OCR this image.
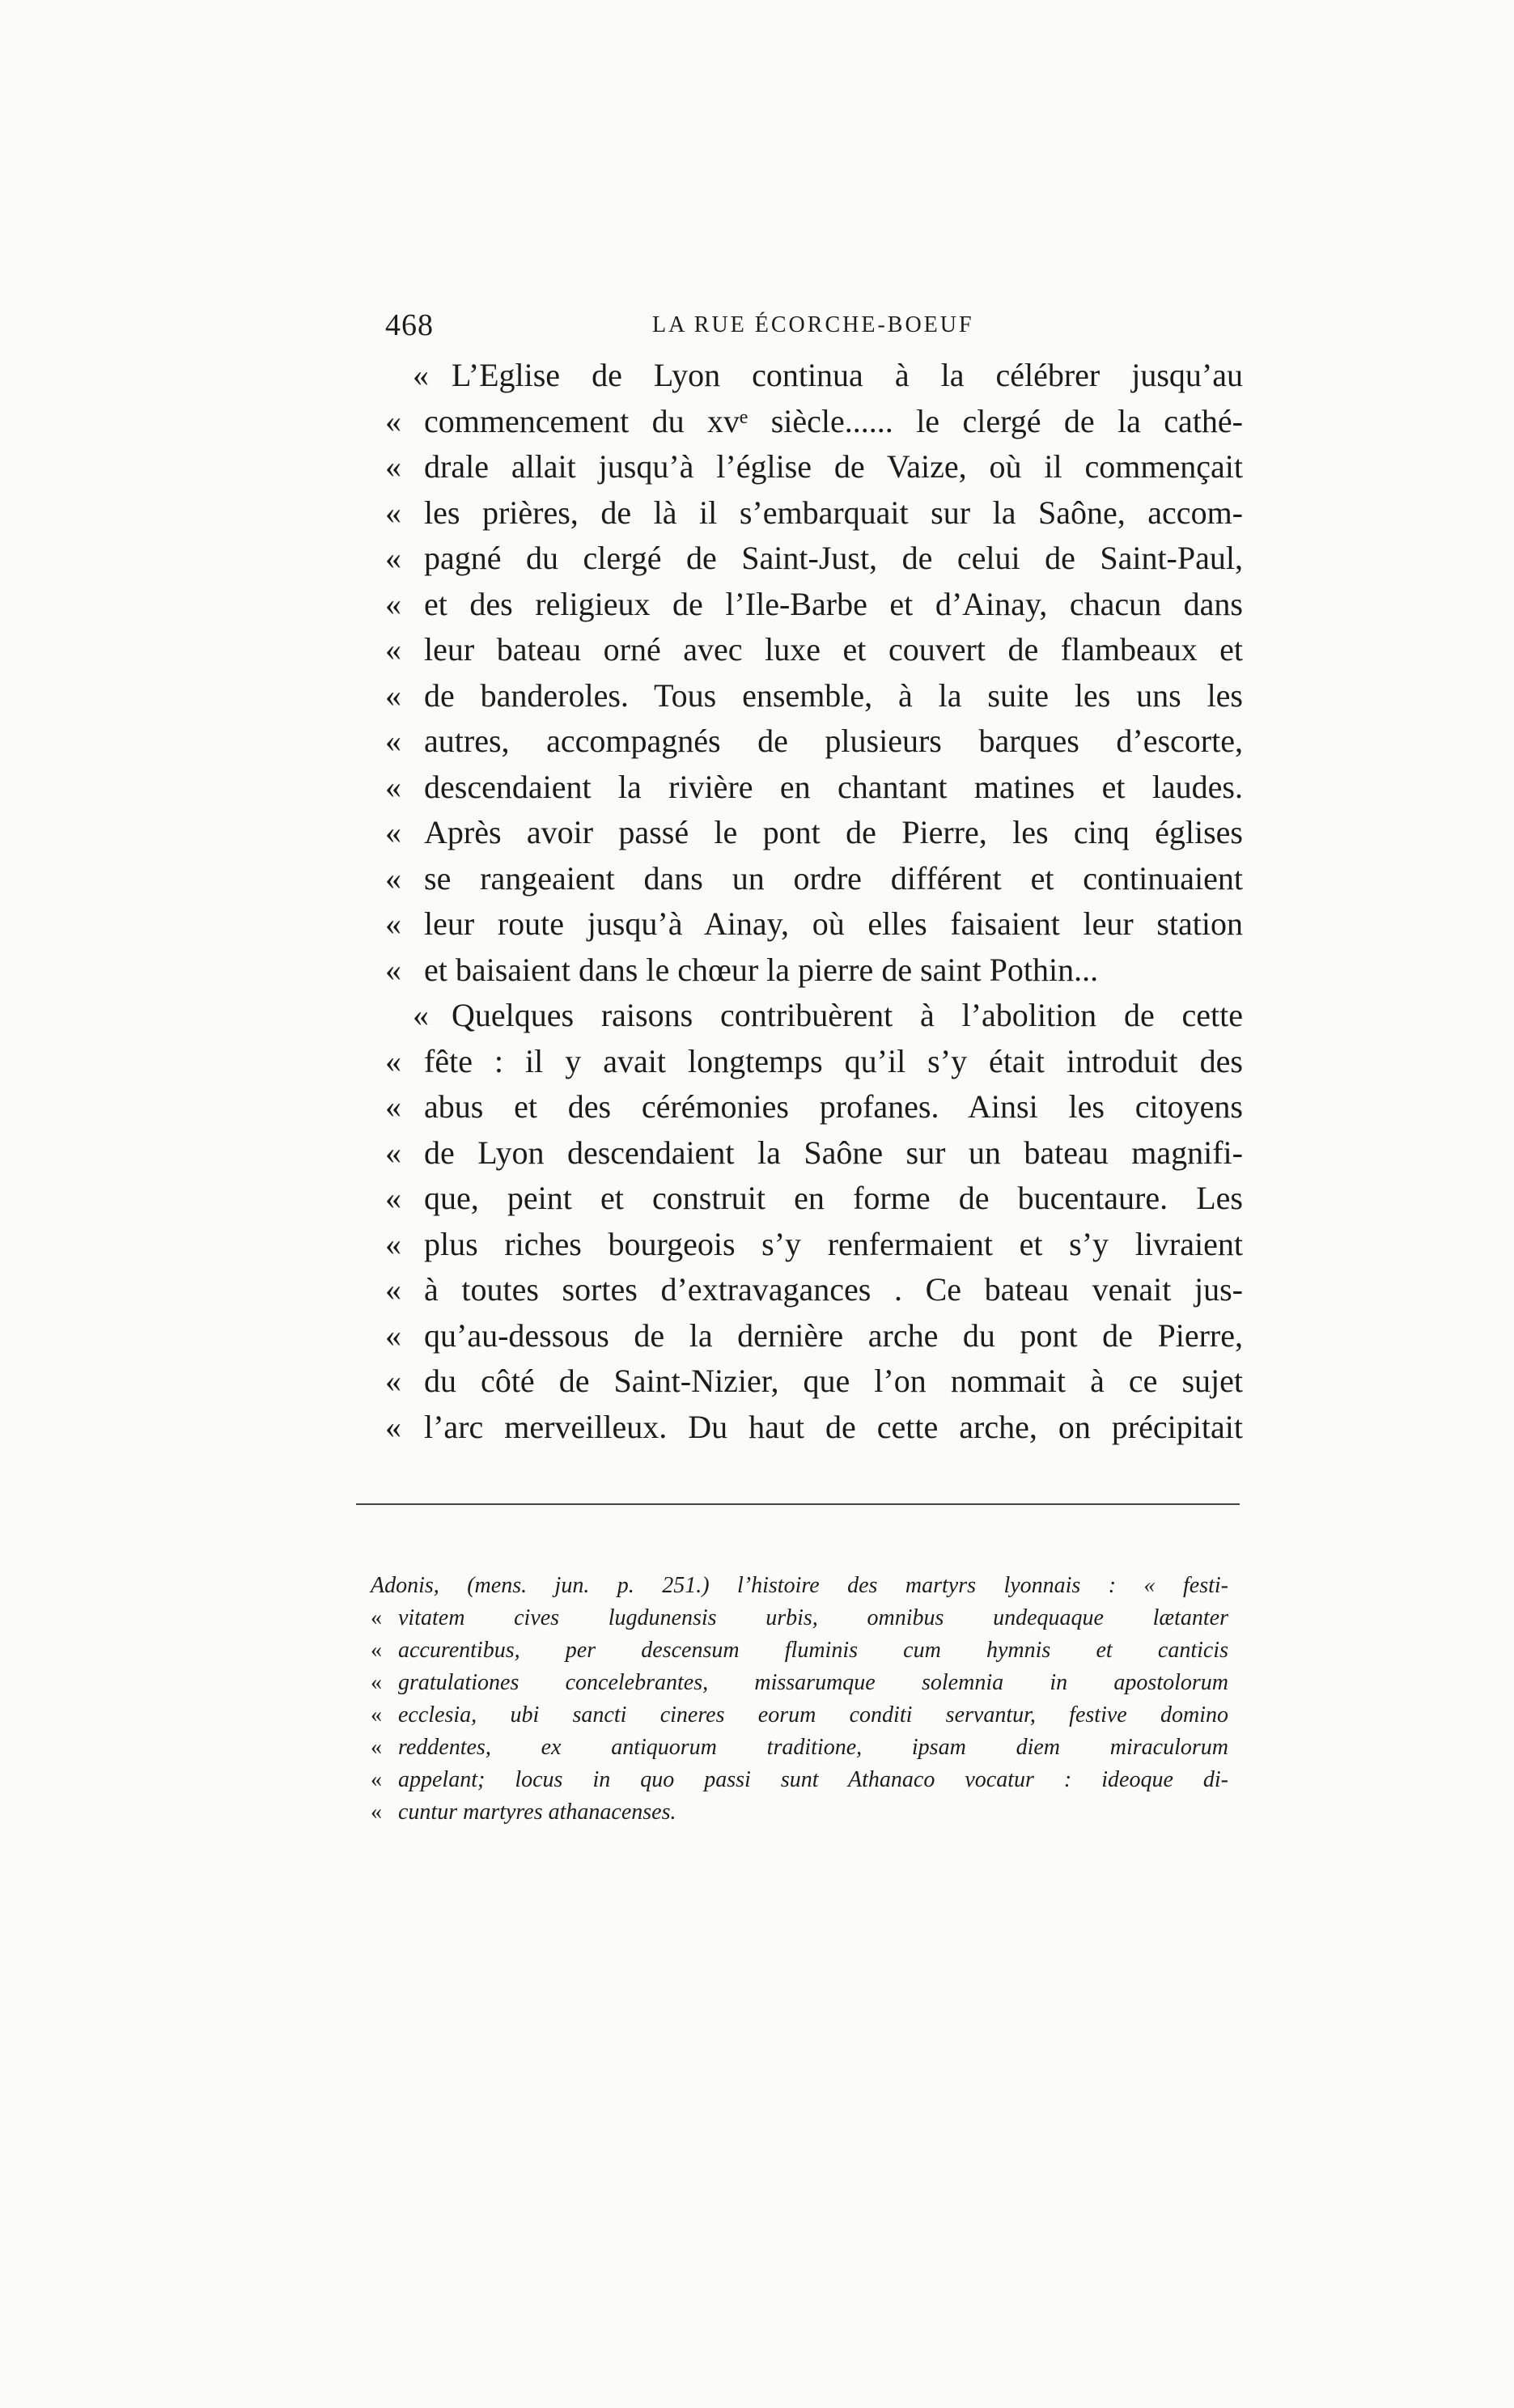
468	LA RUE ÉCORCHE-BOEUF
« L’Eglise de Lyon continua à la célébrer jusqu’au
« commencement du xvᵉ siècle...... le clergé de la cathé-
« drale allait jusqu’à l’église de Vaize, où il commençait
« les prières, de là il s’embarquait sur la Saône, accom-
« pagné du clergé de Saint-Just, de celui de Saint-Paul,
« et des religieux de l’Ile-Barbe et d’Ainay, chacun dans
« leur bateau orné avec luxe et couvert de flambeaux et
« de banderoles. Tous ensemble, à la suite les uns les
« autres, accompagnés de plusieurs barques d’escorte,
« descendaient la rivière en chantant matines et laudes.
« Après avoir passé le pont de Pierre, les cinq églises
« se rangeaient dans un ordre différent et continuaient
« leur route jusqu’à Ainay, où elles faisaient leur station
« et baisaient dans le chœur la pierre de saint Pothin...
« Quelques raisons contribuèrent à l’abolition de cette
« fête : il y avait longtemps qu’il s’y était introduit des
« abus et des cérémonies profanes. Ainsi les citoyens
« de Lyon descendaient la Saône sur un bateau magnifi-
« que, peint et construit en forme de bucentaure. Les
« plus riches bourgeois s’y renfermaient et s’y livraient
« à toutes sortes d’extravagances . Ce bateau venait jus-
« qu’au-dessous de la dernière arche du pont de Pierre,
« du côté de Saint-Nizier, que l’on nommait à ce sujet
« l’arc merveilleux. Du haut de cette arche, on précipitait
Adonis, (mens. jun. p. 251.) l’histoire des martyrs lyonnais : « festi-
« vitatem cives lugdunensis urbis, omnibus undequaque lætanter
« accurentibus, per descensum fluminis cum hymnis et canticis
« gratulationes concelebrantes, missarumque solemnia in apostolorum
« ecclesia, ubi sancti cineres eorum conditi servantur, festive domino
« reddentes, ex antiquorum traditione, ipsam diem miraculorum
« appelant; locus in quo passi sunt Athanaco vocatur : ideoque di-
« cuntur martyres athanacenses.
